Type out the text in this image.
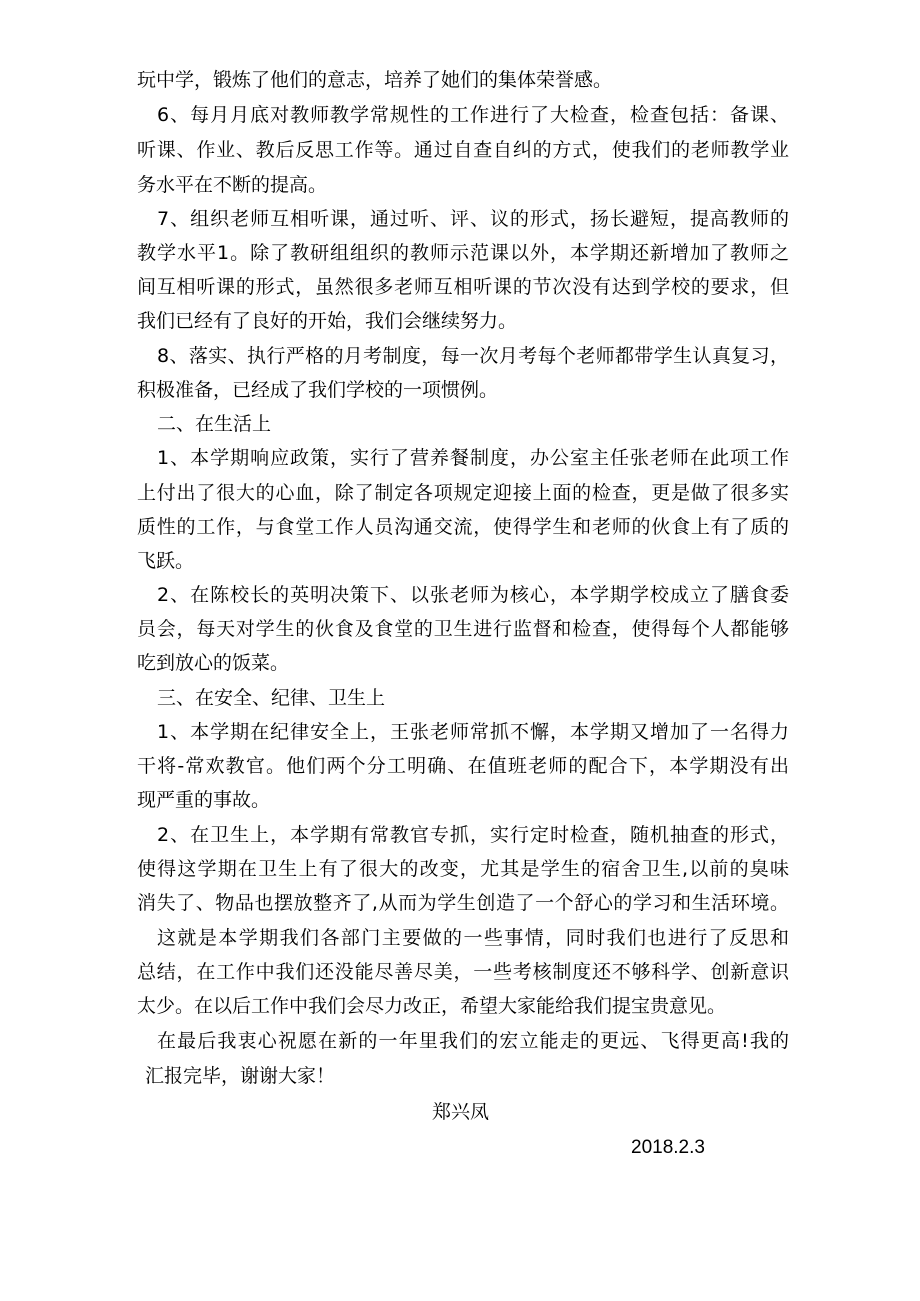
玩中学，锻炼了他们的意志，培养了她们的集体荣誉感。
6、每月月底对教师教学常规性的工作进行了大检查，检查包括：备课、
听课、作业、教后反思工作等。通过自查自纠的方式，使我们的老师教学业
务水平在不断的提高。
7、组织老师互相听课，通过听、评、议的形式，扬长避短，提高教师的
教学水平1。除了教研组组织的教师示范课以外，本学期还新增加了教师之
间互相听课的形式，虽然很多老师互相听课的节次没有达到学校的要求，但
我们已经有了良好的开始，我们会继续努力。
8、落实、执行严格的月考制度，每一次月考每个老师都带学生认真复习，
积极准备，已经成了我们学校的一项惯例。
二、在生活上
1、本学期响应政策，实行了营养餐制度，办公室主任张老师在此项工作
上付出了很大的心血，除了制定各项规定迎接上面的检查，更是做了很多实
质性的工作，与食堂工作人员沟通交流，使得学生和老师的伙食上有了质的
飞跃。
2、在陈校长的英明决策下、以张老师为核心，本学期学校成立了膳食委
员会，每天对学生的伙食及食堂的卫生进行监督和检查，使得每个人都能够
吃到放心的饭菜。
三、在安全、纪律、卫生上
1、本学期在纪律安全上，王张老师常抓不懈，本学期又增加了一名得力
干将-常欢教官。他们两个分工明确、在值班老师的配合下，本学期没有出
现严重的事故。
2、在卫生上，本学期有常教官专抓，实行定时检查，随机抽查的形式，
使得这学期在卫生上有了很大的改变，尤其是学生的宿舍卫生,以前的臭味
消失了、物品也摆放整齐了,从而为学生创造了一个舒心的学习和生活环境。
这就是本学期我们各部门主要做的一些事情，同时我们也进行了反思和
总结，在工作中我们还没能尽善尽美，一些考核制度还不够科学、创新意识
太少。在以后工作中我们会尽力改正，希望大家能给我们提宝贵意见。
在最后我衷心祝愿在新的一年里我们的宏立能走的更远、飞得更高!我的
汇报完毕，谢谢大家！
郑兴凤
2018.2.3
